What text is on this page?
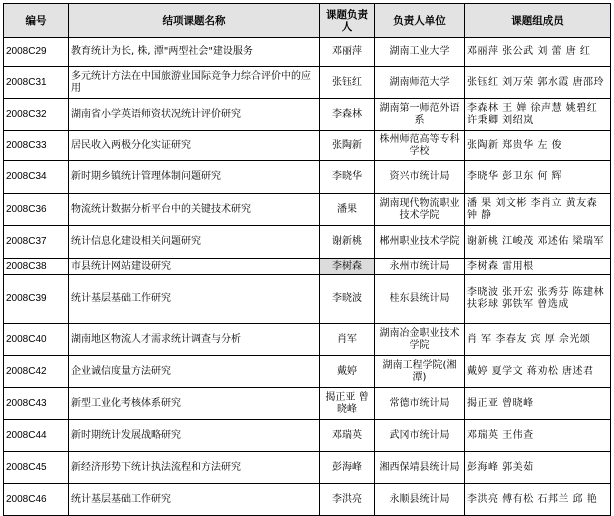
编号	结项课题名称	课题负责人	负责人单位	课题组成员
2008C29	教育统计为长, 株, 潭"两型社会"建设服务	邓丽萍	湖南工业大学	邓丽萍 张公武 刘 蕾 唐 红
2008C31	多元统计方法在中国旅游业国际竞争力综合评价中的应用	张钰红	湖南师范大学	张钰红 刘万荣 郭水霞 唐邵玲
2008C32	湖南省小学英语师资状况统计评价研究	李森林	湖南第一师范外语系	李森林 王 婵 徐声慧 姚碧红 许秉卿 刘绍岚
2008C33	居民收入两极分化实证研究	张陶新	株州师范高等专科学校	张陶新 郑贵华 左 俊
2008C34	新时期乡镇统计管理体制问题研究	李晓华	资兴市统计局	李晓华 彭卫东 何 辉
2008C36	物流统计数据分析平台中的关键技术研究	潘果	湖南现代物流职业技术学院	潘 果 刘文彬 李肖立 黄友森 钟 静
2008C37	统计信息化建设相关问题研究	谢新桃	郴州职业技术学院	谢新桃 江峻茂 邓述佑 梁瑞军
2008C38	市县统计网站建设研究	李树森	永州市统计局	李树森 雷用根
2008C39	统计基层基础工作研究	李晓波	桂东县统计局	李晓波 张开宏 张秀芬 陈建林 扶彩球 郭铁军 曾选成
2008C40	湖南地区物流人才需求统计调查与分析	肖军	湖南冶金职业技术学院	肖 军 李春友 宾 厚 佘光颂
2008C42	企业诚信度量方法研究	戴婷	湖南工程学院(湘潭)	戴婷 夏学文 蒋劝松 唐述君
2008C43	新型工业化考核体系研究	揭正亚 曾晓峰	常德市统计局	揭正亚 曾晓峰
2008C44	新时期统计发展战略研究	邓瑞英	武冈市统计局	邓瑞英 王伟查
2008C45	新经济形势下统计执法流程和方法研究	彭海峰	湘西保靖县统计局	彭海峰 郭美茹
2008C46	统计基层基础工作研究	李洪亮	永顺县统计局	李洪亮 傅有松 石邦兰 邱 艳
